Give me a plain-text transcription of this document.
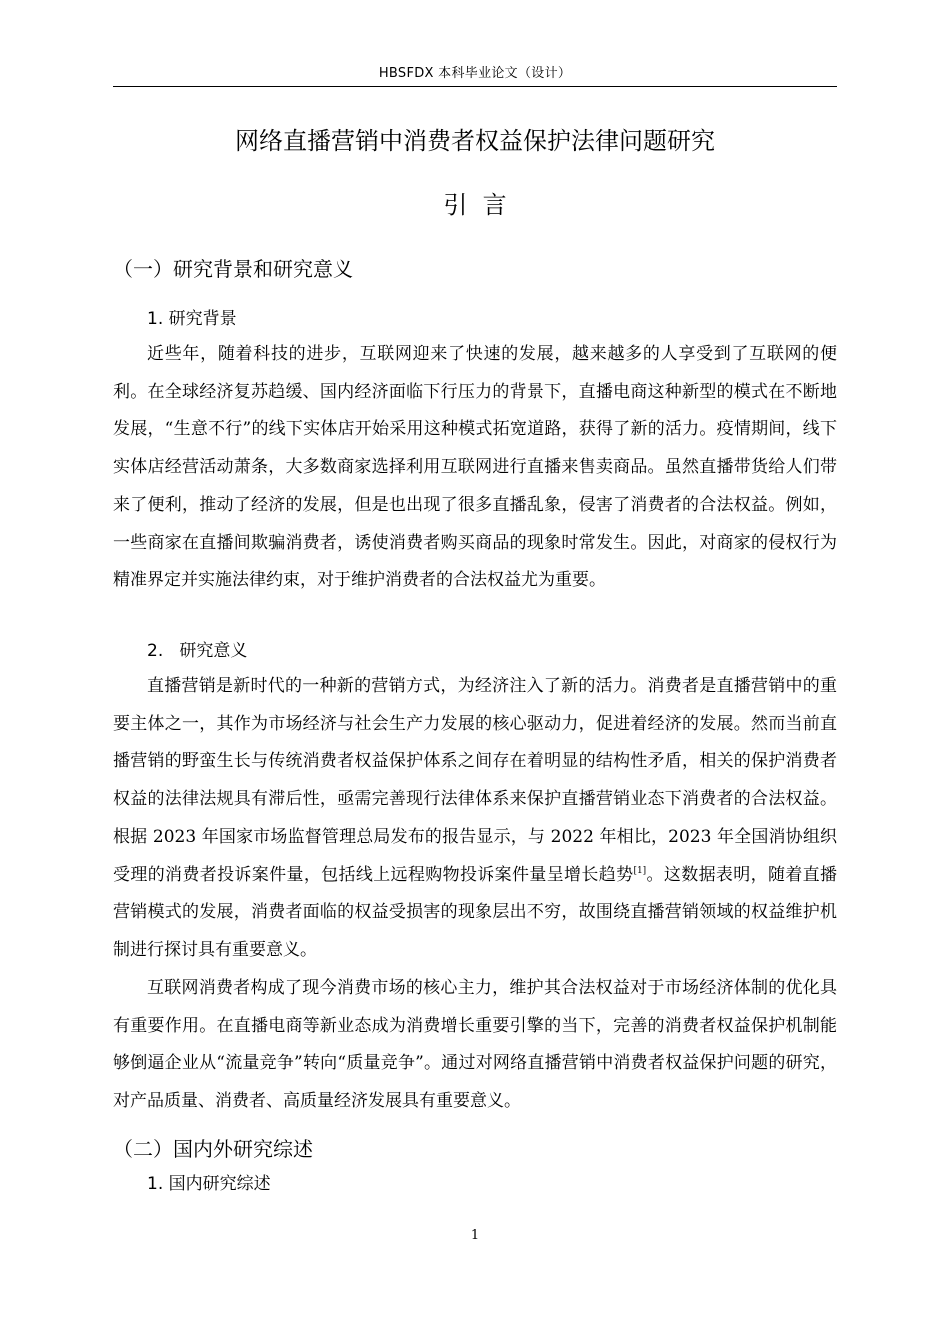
HBSFDX 本科毕业论文（设计）
网络直播营销中消费者权益保护法律问题研究
引  言
（一）研究背景和研究意义
1. 研究背景
近些年，随着科技的进步，互联网迎来了快速的发展，越来越多的人享受到了互联网的便利。在全球经济复苏趋缓、国内经济面临下行压力的背景下，直播电商这种新型的模式在不断地发展，“生意不行”的线下实体店开始采用这种模式拓宽道路，获得了新的活力。疫情期间，线下实体店经营活动萧条，大多数商家选择利用互联网进行直播来售卖商品。虽然直播带货给人们带来了便利，推动了经济的发展，但是也出现了很多直播乱象，侵害了消费者的合法权益。例如，一些商家在直播间欺骗消费者，诱使消费者购买商品的现象时常发生。因此，对商家的侵权行为精准界定并实施法律约束，对于维护消费者的合法权益尤为重要。
2.   研究意义
直播营销是新时代的一种新的营销方式，为经济注入了新的活力。消费者是直播营销中的重要主体之一，其作为市场经济与社会生产力发展的核心驱动力，促进着经济的发展。然而当前直播营销的野蛮生长与传统消费者权益保护体系之间存在着明显的结构性矛盾，相关的保护消费者权益的法律法规具有滞后性，亟需完善现行法律体系来保护直播营销业态下消费者的合法权益。根据 2023 年国家市场监督管理总局发布的报告显示，与 2022 年相比，2023 年全国消协组织受理的消费者投诉案件量，包括线上远程购物投诉案件量呈增长趋势[1]。这数据表明，随着直播营销模式的发展，消费者面临的权益受损害的现象层出不穷，故围绕直播营销领域的权益维护机制进行探讨具有重要意义。
互联网消费者构成了现今消费市场的核心主力，维护其合法权益对于市场经济体制的优化具有重要作用。在直播电商等新业态成为消费增长重要引擎的当下，完善的消费者权益保护机制能够倒逼企业从“流量竞争”转向“质量竞争”。通过对网络直播营销中消费者权益保护问题的研究，对产品质量、消费者、高质量经济发展具有重要意义。
（二）国内外研究综述
1. 国内研究综述
1
